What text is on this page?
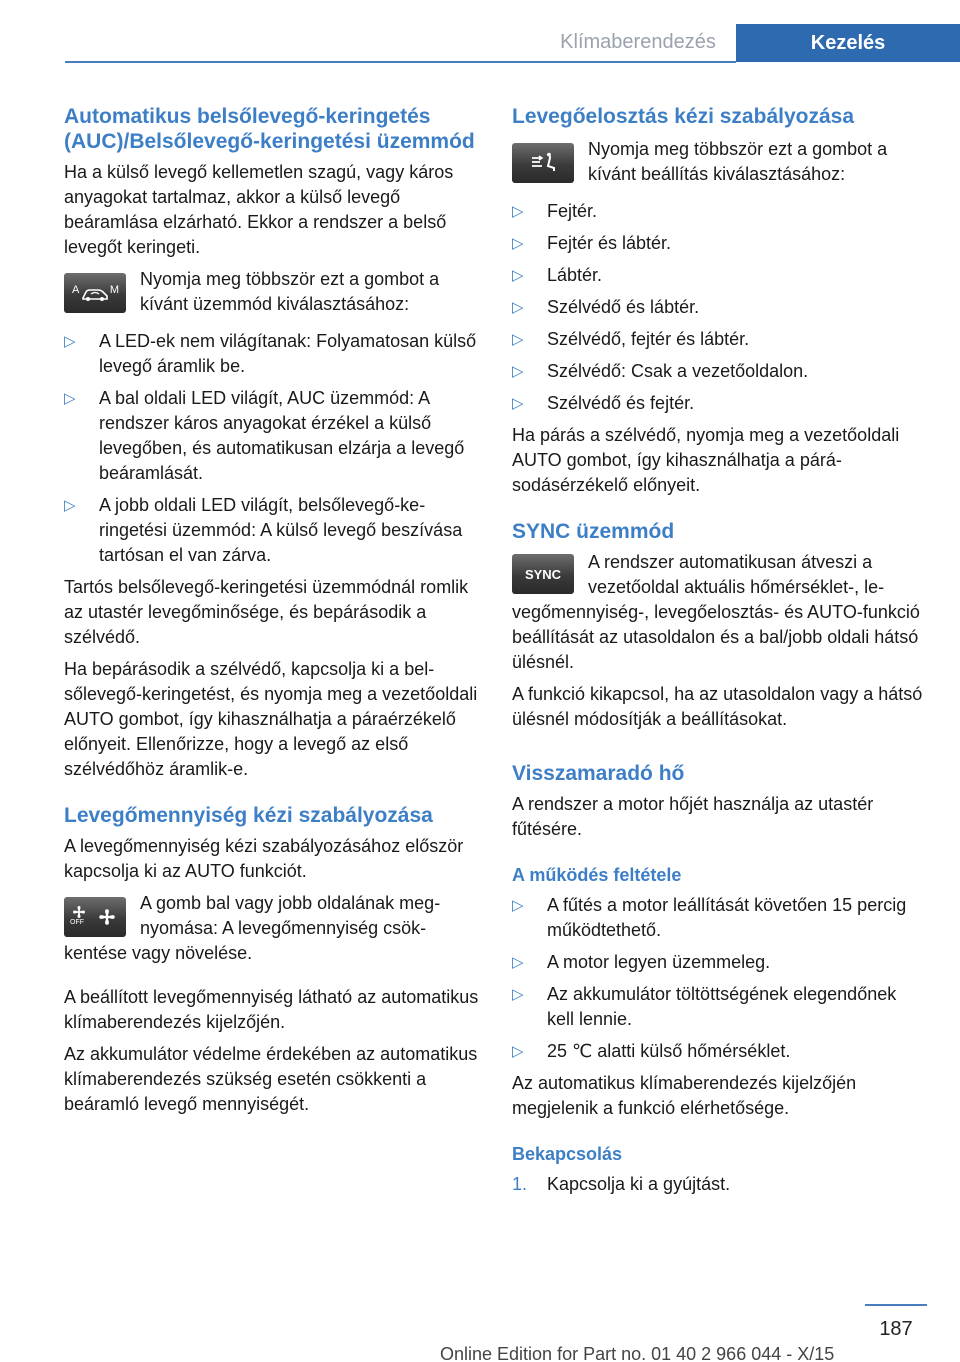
Klímaberendezés	Kezelés
Automatikus belsőlevegő-keringetés (AUC)/Belsőlevegő-keringetési üzemmód

Ha a külső levegő kellemetlen szagú, vagy káros anyagokat tartalmaz, akkor a külső levegő beáramlása elzárható. Ekkor a rendszer a belső levegőt keringeti.

A	M

Nyomja meg többször ezt a gombot a kívánt üzemmód kiválasztásához:

▷ A LED-ek nem világítanak: Folyamatosan külső levegő áramlik be.
▷ A bal oldali LED világít, AUC üzemmód: A rendszer káros anyagokat érzékel a külső levegőben, és automatikusan elzárja a levegő beáramlását.
▷ A jobb oldali LED világít, belsőlevegő-keringetési üzemmód: A külső levegő beszívása tartósan el van zárva.

Tartós belsőlevegő-keringetési üzemmódnál romlik az utastér levegőminősége, és bepárásodik a szélvédő.

Ha bepárásodik a szélvédő, kapcsolja ki a belsőlevegő-keringetést, és nyomja meg a vezetőoldali AUTO gombot, így kihasználhatja a páraérzékelő előnyeit. Ellenőrizze, hogy a levegő az első szélvédőhöz áramlik-e.

Levegőmennyiség kézi szabályozása

A levegőmennyiség kézi szabályozásához először kapcsolja ki az AUTO funkciót.

OFF

A gomb bal vagy jobb oldalának megnyomása: A levegőmennyiség csökkentése vagy növelése.

A beállított levegőmennyiség látható az automatikus klímaberendezés kijelzőjén.

Az akkumulátor védelme érdekében az automatikus klímaberendezés szükség esetén csökkenti a beáramló levegő mennyiségét.

Levegőelosztás kézi szabályozása

Nyomja meg többször ezt a gombot a kívánt beállítás kiválasztásához:

▷ Fejtér.
▷ Fejtér és lábtér.
▷ Lábtér.
▷ Szélvédő és lábtér.
▷ Szélvédő, fejtér és lábtér.
▷ Szélvédő: Csak a vezetőoldalon.
▷ Szélvédő és fejtér.

Ha párás a szélvédő, nyomja meg a vezetőoldali AUTO gombot, így kihasználhatja a párásodásérzékelő előnyeit.

SYNC üzemmód
SYNC

A rendszer automatikusan átveszi a vezetőoldal aktuális hőmérséklet-, levegőmennyiség-, levegőelosztás- és AUTO-funkció beállítását az utasoldalon és a bal/jobb oldali hátsó ülésnél.

A funkció kikapcsol, ha az utasoldalon vagy a hátsó ülésnél módosítják a beállításokat.

Visszamaradó hő

A rendszer a motor hőjét használja az utastér fűtésére.

A működés feltétele
▷ A fűtés a motor leállítását követően 15 percig működtethető.
▷ A motor legyen üzemmeleg.
▷ Az akkumulátor töltöttségének elegendőnek kell lennie.
▷ 25 ℃ alatti külső hőmérséklet.

Az automatikus klímaberendezés kijelzőjén megjelenik a funkció elérhetősége.

Bekapcsolás
1. Kapcsolja ki a gyújtást.
187
Online Edition for Part no. 01 40 2 966 044 - X/15
